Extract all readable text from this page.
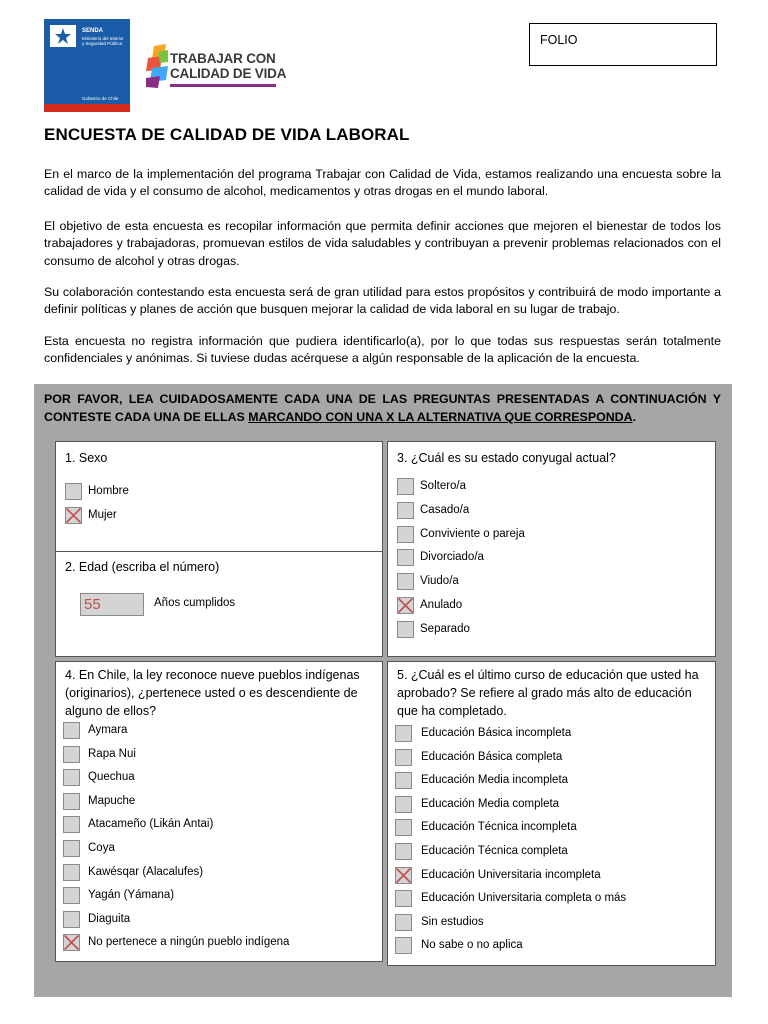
SENDA
Ministerio del Interior y Seguridad Pública
Gobierno de Chile
TRABAJAR CON
CALIDAD DE VIDA
FOLIO
ENCUESTA DE CALIDAD DE VIDA LABORAL

En el marco de la implementación del programa Trabajar con Calidad de Vida, estamos realizando una encuesta sobre la calidad de vida y el consumo de alcohol, medicamentos y otras drogas en el mundo laboral.

El objetivo de esta encuesta es recopilar información que permita definir acciones que mejoren el bienestar de todos los trabajadores y trabajadoras, promuevan estilos de vida saludables y contribuyan a prevenir problemas relacionados con el consumo de alcohol y otras drogas.

Su colaboración contestando esta encuesta será de gran utilidad para estos propósitos y contribuirá de modo importante a definir políticas y planes de acción que busquen mejorar la calidad de vida laboral en su lugar de trabajo.

Esta encuesta no registra información que pudiera identificarlo(a), por lo que todas sus respuestas serán totalmente confidenciales y anónimas. Si tuviese dudas acérquese a algún responsable de la aplicación de la encuesta.

POR FAVOR, LEA CUIDADOSAMENTE CADA UNA DE LAS PREGUNTAS PRESENTADAS A CONTINUACIÓN Y CONTESTE CADA UNA DE ELLAS MARCANDO CON UNA X LA ALTERNATIVA QUE CORRESPONDA.
1. Sexo
Hombre
Mujer
2. Edad (escriba el número)
55	Años cumplidos
3. ¿Cuál es su estado conyugal actual?
Soltero/a
Casado/a
Conviviente o pareja
Divorciado/a
Viudo/a
Anulado
Separado
4. En Chile, la ley reconoce nueve pueblos indígenas (originarios), ¿pertenece usted o es descendiente de alguno de ellos?
Aymara
Rapa Nui
Quechua
Mapuche
Atacameño (Likán Antai)
Coya
Kawésqar (Alacalufes)
Yagán (Yámana)
Diaguita
No pertenece a ningún pueblo indígena
5. ¿Cuál es el último curso de educación que usted ha aprobado? Se refiere al grado más alto de educación que ha completado.
Educación Básica incompleta
Educación Básica completa
Educación Media incompleta
Educación Media completa
Educación Técnica incompleta
Educación Técnica completa
Educación Universitaria incompleta
Educación Universitaria completa o más
Sin estudios
No sabe o no aplica
